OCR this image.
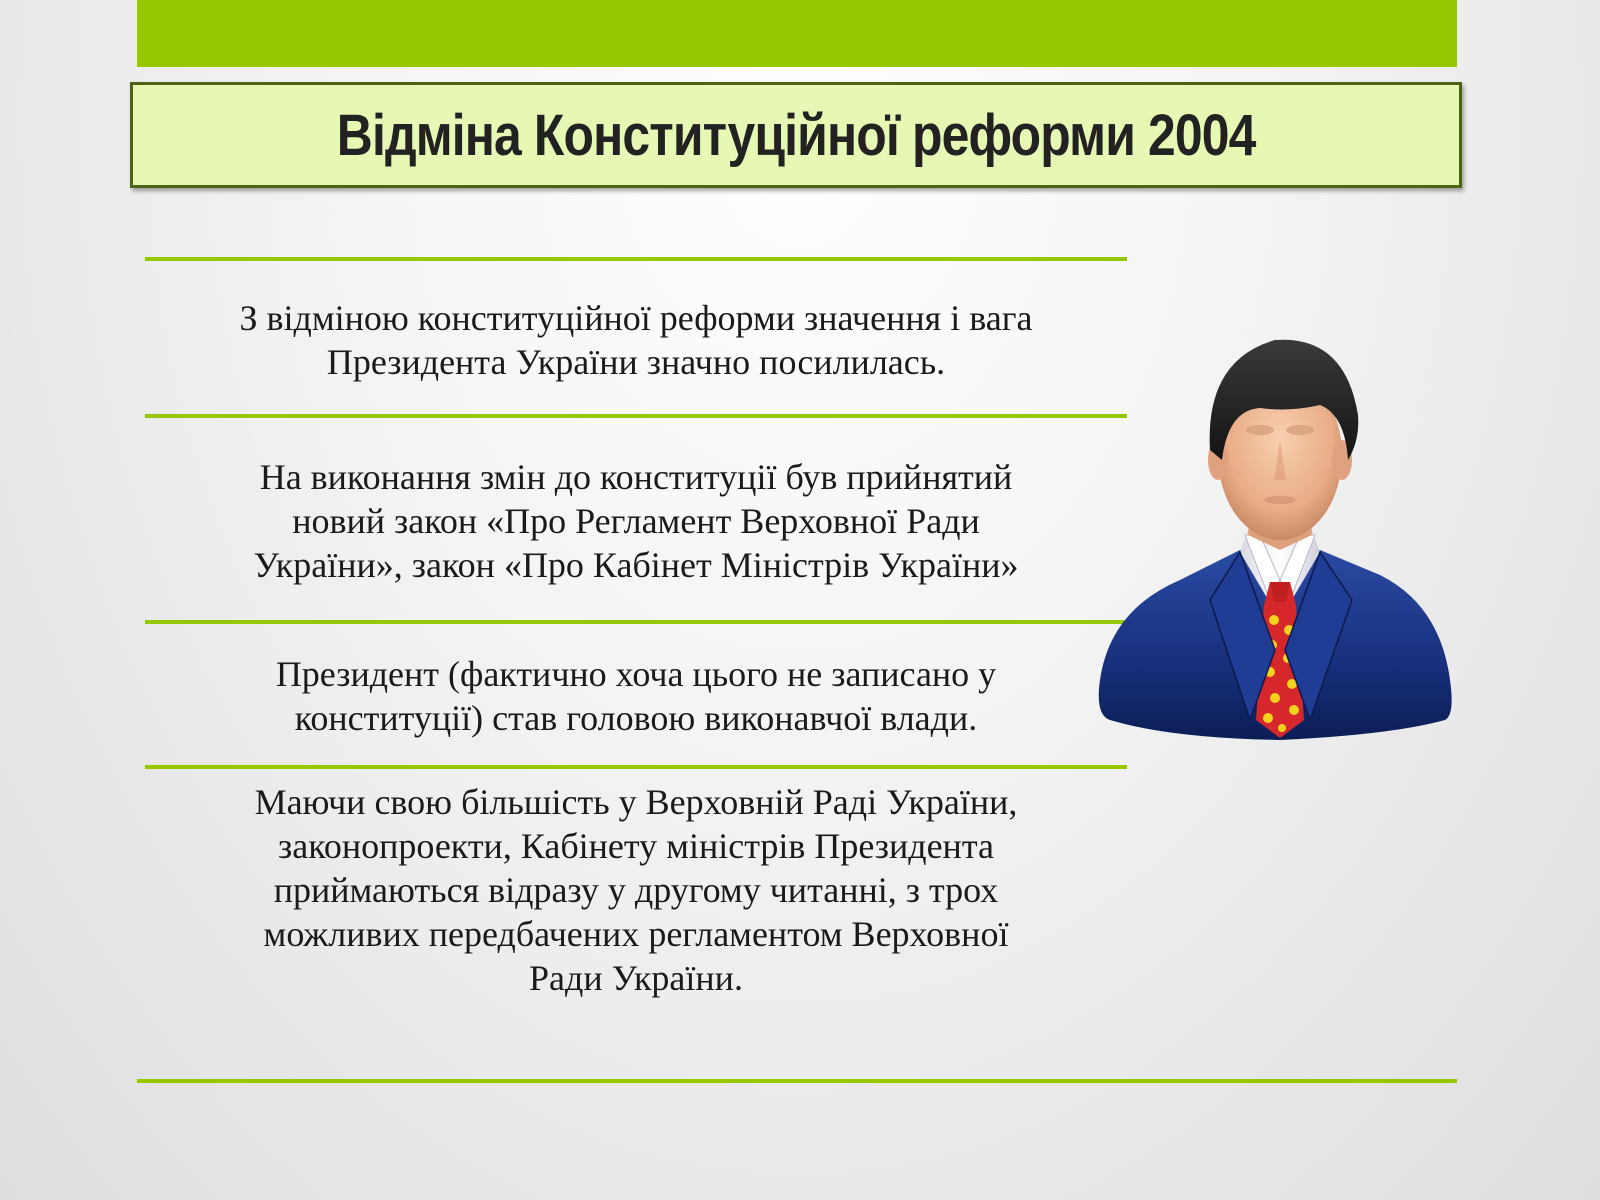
Відміна Конституційної реформи 2004
З відміною конституційної реформи значення і вага
Президента України значно посилилась.
На виконання змін до конституції був прийнятий
новий закон «Про Регламент Верховної Ради
України», закон «Про Кабінет Міністрів України»
Президент (фактично хоча цього не записано у
конституції) став головою виконавчої влади.
Маючи свою більшість у Верховній Раді України,
законопроекти, Кабінету міністрів Президента
приймаються відразу у другому читанні, з трох
можливих передбачених регламентом Верховної
Ради України.
